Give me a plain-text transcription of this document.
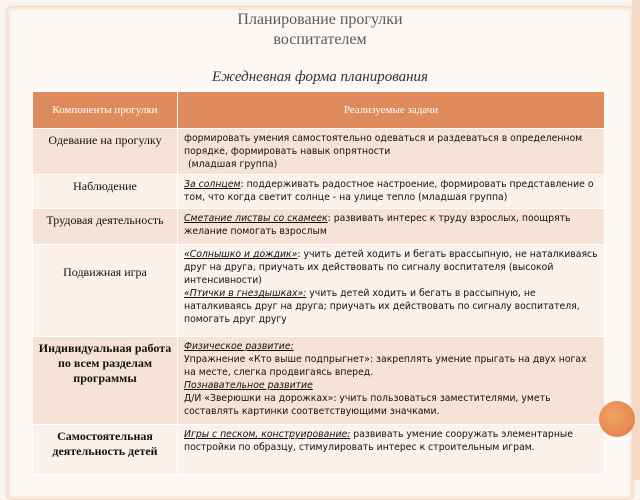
Планирование прогулки
воспитателем
Ежедневная форма планирования
Компоненты прогулки	Реализуемые задачи
Одевание на прогулку	формировать умения самостоятельно одеваться и раздеваться в определенном порядке, формировать навык опрятности
(младшая группа)

Наблюдение	За солнцем: поддерживать радостное настроение, формировать представление о том, что когда светит солнце - на улице тепло (младшая группа)
Трудовая деятельность	Сметание листвы со скамеек: развивать интерес к труду взрослых, поощрять желание помогать взрослым
Подвижная игра	«Солнышко и дождик»: учить детей ходить и бегать врассыпную, не наталкиваясь друг на друга, приучать их действовать по сигналу воспитателя (высокой интенсивности)
«Птички в гнездышках»: учить детей ходить и бегать в рассыпную, не наталкиваясь друг на друга; приучать их действовать по сигналу воспитателя, помогать друг другу

Индивидуальная работа по всем разделам программы	Физическое развитие:
Упражнение «Кто выше подпрыгнет»: закреплять умение прыгать на двух ногах на месте, слегка продвигаясь вперед.
Познавательное развитие
Д/И «Зверюшки на дорожках»: учить пользоваться заместителями, уметь составлять картинки соответствующими значками.

Самостоятельная деятельность детей	Игры с песком, конструирование: развивать умение сооружать элементарные постройки по образцу, стимулировать интерес к строительным играм.
